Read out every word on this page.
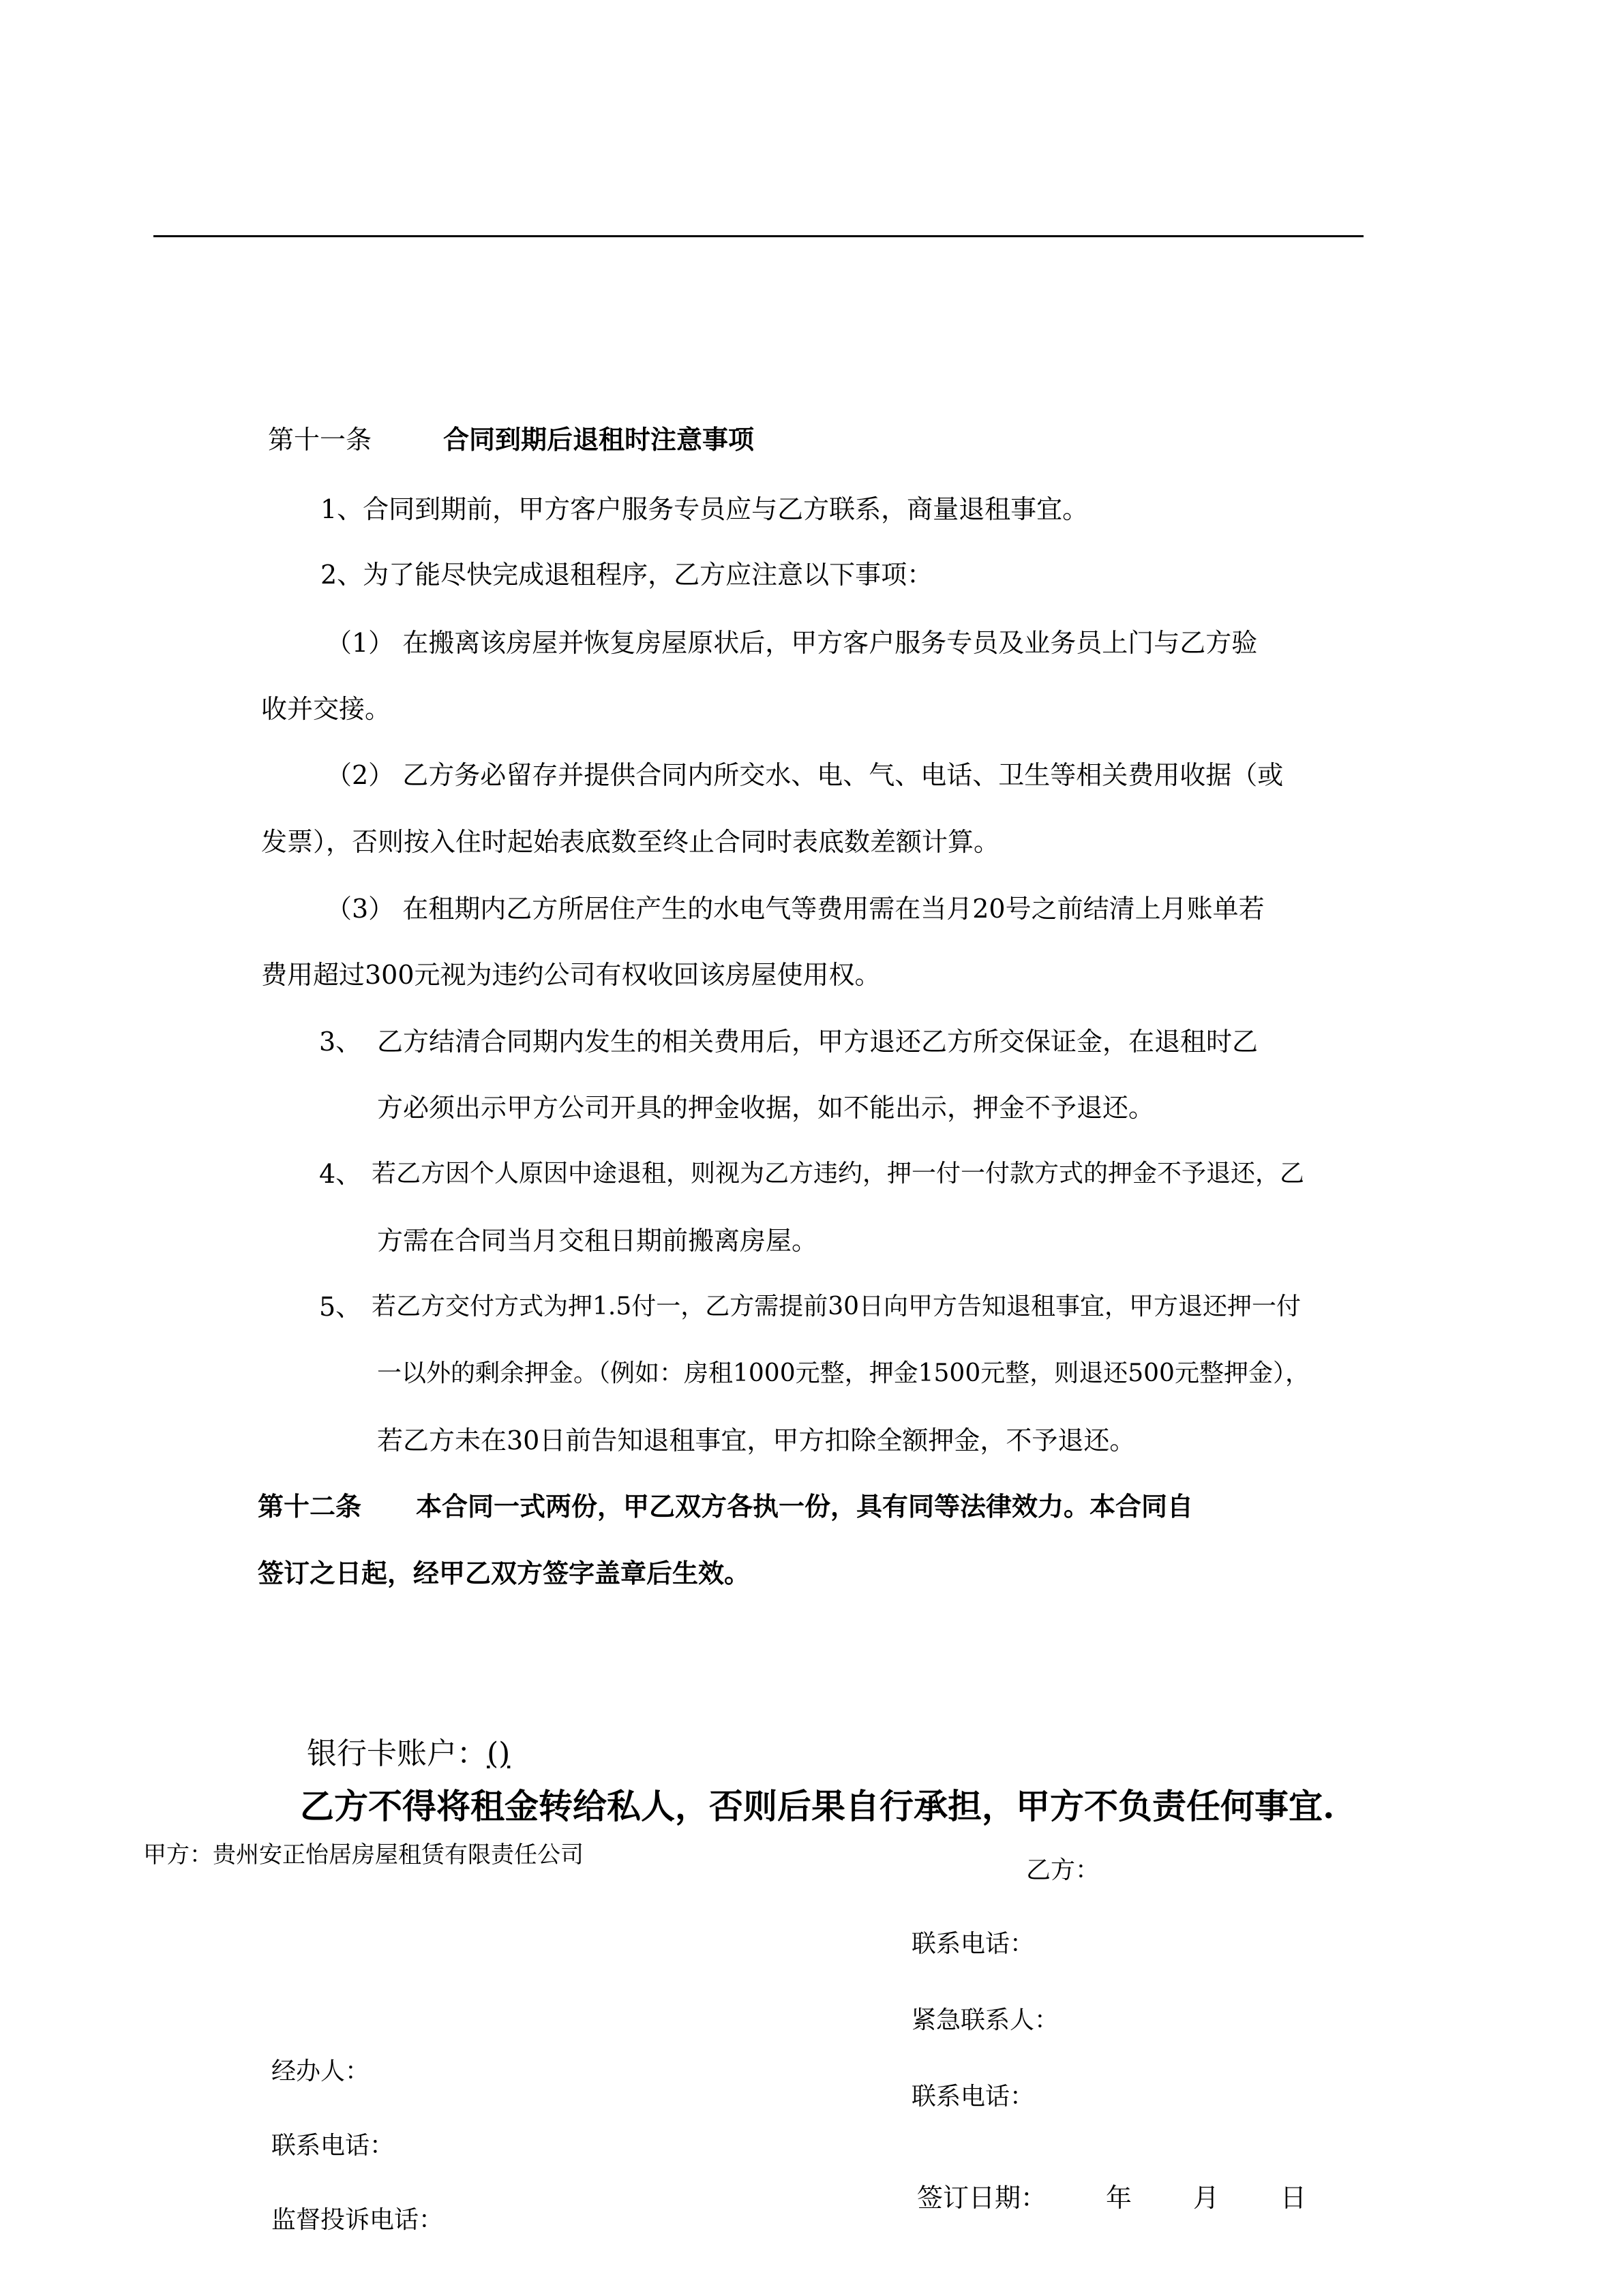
第十一条	合同到期后退租时注意事项
1、合同到期前，甲方客户服务专员应与乙方联系，商量退租事宜。
2、为了能尽快完成退租程序，乙方应注意以下事项：
（1） 在搬离该房屋并恢复房屋原状后，甲方客户服务专员及业务员上门与乙方验
收并交接。
（2） 乙方务必留存并提供合同内所交水、电、气、电话、卫生等相关费用收据（或
发票），否则按入住时起始表底数至终止合同时表底数差额计算。
（3） 在租期内乙方所居住产生的水电气等费用需在当月20号之前结清上月账单若
费用超过300元视为违约公司有权收回该房屋使用权。
3、 乙方结清合同期内发生的相关费用后，甲方退还乙方所交保证金，在退租时乙
方必须出示甲方公司开具的押金收据，如不能出示，押金不予退还。
4、 若乙方因个人原因中途退租，则视为乙方违约，押一付一付款方式的押金不予退还，乙
方需在合同当月交租日期前搬离房屋。
5、 若乙方交付方式为押1.5付一，乙方需提前30日向甲方告知退租事宜，甲方退还押一付
一以外的剩余押金。（例如：房租1000元整，押金1500元整，则退还500元整押金），
若乙方未在30日前告知退租事宜，甲方扣除全额押金，不予退还。
第十二条 本合同一式两份，甲乙双方各执一份，具有同等法律效力。本合同自
签订之日起，经甲乙双方签字盖章后生效。
银行卡账户：()
乙方不得将租金转给私人，否则后果自行承担，甲方不负责任何事宜.
甲方：贵州安正怡居房屋租赁有限责任公司
经办人：
联系电话：
监督投诉电话：
乙方：
联系电话：
紧急联系人：
联系电话：
签订日期： 年 月 日
